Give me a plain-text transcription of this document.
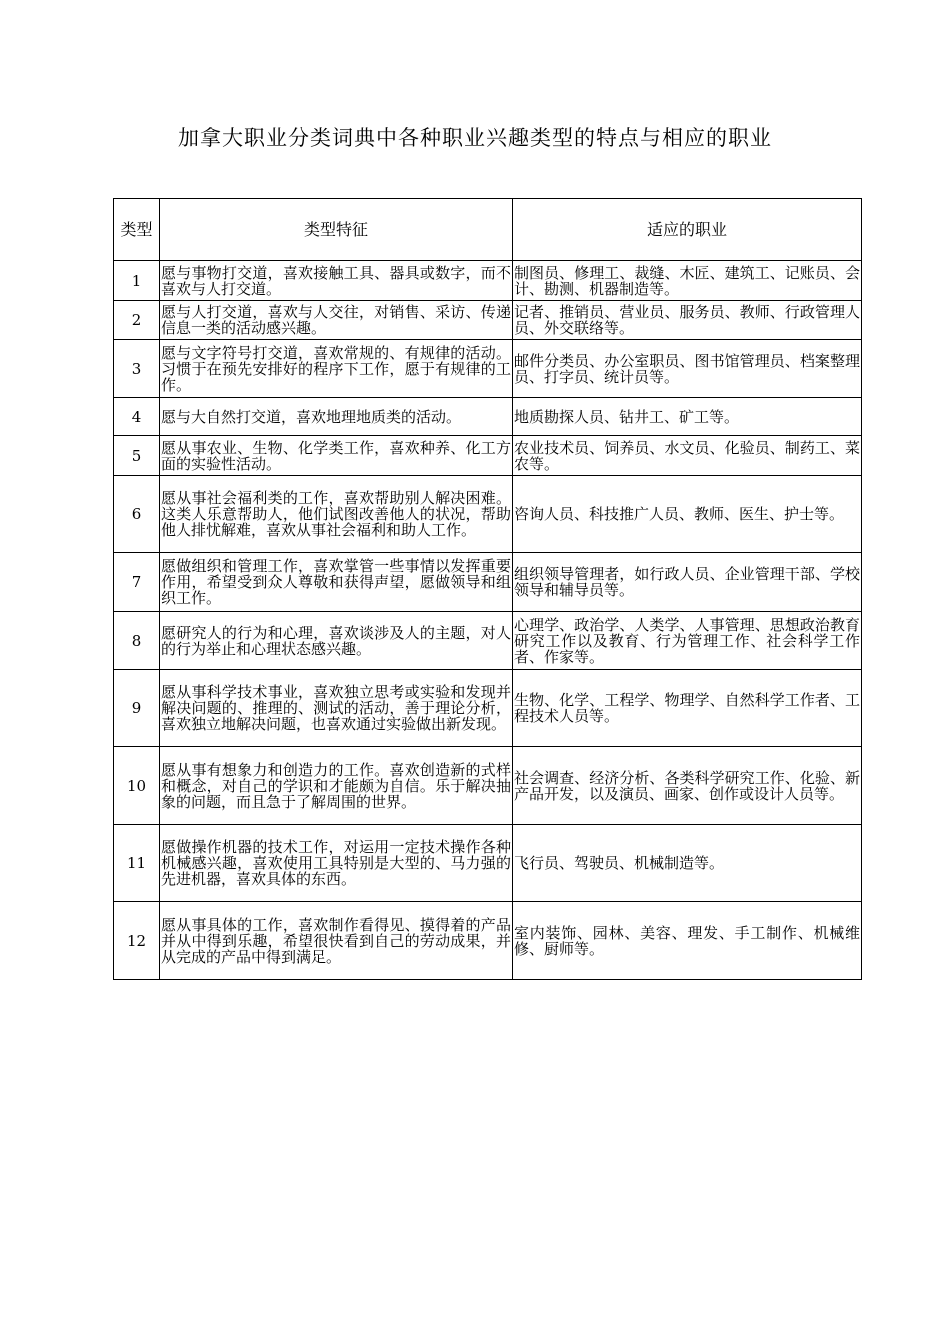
加拿大职业分类词典中各种职业兴趣类型的特点与相应的职业
类型	类型特征	适应的职业
1	愿与事物打交道，喜欢接触工具、器具或数字，而不喜欢与人打交道。	制图员、修理工、裁缝、木匠、建筑工、记账员、会计、勘测、机器制造等。
2	愿与人打交道，喜欢与人交往，对销售、采访、传递信息一类的活动感兴趣。	记者、推销员、营业员、服务员、教师、行政管理人员、外交联络等。
3	愿与文字符号打交道，喜欢常规的、有规律的活动。习惯于在预先安排好的程序下工作，愿于有规律的工作。	邮件分类员、办公室职员、图书馆管理员、档案整理员、打字员、统计员等。
4	愿与大自然打交道，喜欢地理地质类的活动。	地质勘探人员、钻井工、矿工等。
5	愿从事农业、生物、化学类工作，喜欢种养、化工方面的实验性活动。	农业技术员、饲养员、水文员、化验员、制药工、菜农等。
6	愿从事社会福利类的工作，喜欢帮助别人解决困难。这类人乐意帮助人，他们试图改善他人的状况，帮助他人排忧解难，喜欢从事社会福利和助人工作。	咨询人员、科技推广人员、教师、医生、护士等。
7	愿做组织和管理工作，喜欢掌管一些事情以发挥重要作用，希望受到众人尊敬和获得声望，愿做领导和组织工作。	组织领导管理者，如行政人员、企业管理干部、学校领导和辅导员等。
8	愿研究人的行为和心理，喜欢谈涉及人的主题，对人的行为举止和心理状态感兴趣。	心理学、政治学、人类学、人事管理、思想政治教育研究工作以及教育、行为管理工作、社会科学工作者、作家等。
9	愿从事科学技术事业，喜欢独立思考或实验和发现并解决问题的、推理的、测试的活动，善于理论分析，喜欢独立地解决问题，也喜欢通过实验做出新发现。	生物、化学、工程学、物理学、自然科学工作者、工程技术人员等。
10	愿从事有想象力和创造力的工作。喜欢创造新的式样和概念，对自己的学识和才能颇为自信。乐于解决抽象的问题，而且急于了解周围的世界。	社会调查、经济分析、各类科学研究工作、化验、新产品开发，以及演员、画家、创作或设计人员等。
11	愿做操作机器的技术工作，对运用一定技术操作各种机械感兴趣，喜欢使用工具特别是大型的、马力强的先进机器，喜欢具体的东西。	飞行员、驾驶员、机械制造等。
12	愿从事具体的工作，喜欢制作看得见、摸得着的产品并从中得到乐趣，希望很快看到自己的劳动成果，并从完成的产品中得到满足。	室内装饰、园林、美容、理发、手工制作、机械维修、厨师等。
